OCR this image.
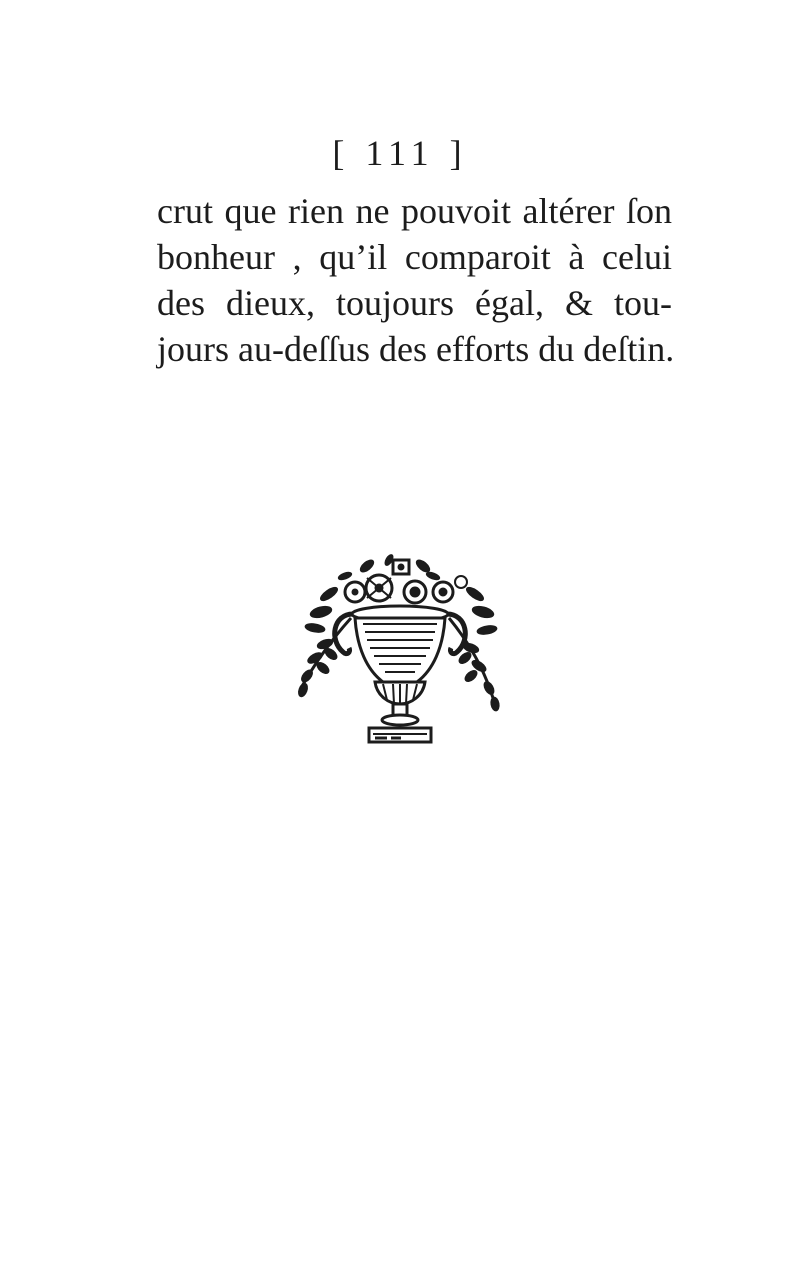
[ 111 ]
crut que rien ne pouvoit altérer ſon
bonheur , qu’il comparoit à celui
des dieux, toujours égal, & tou-
jours au-deſſus des efforts du deſtin.
